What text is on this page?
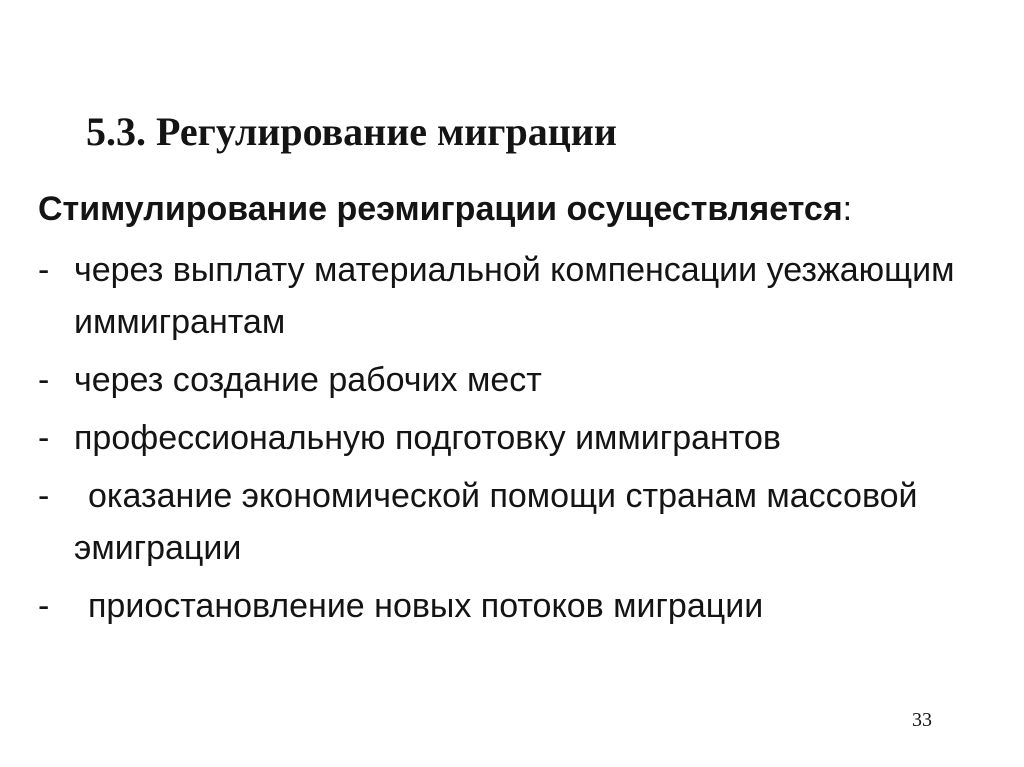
5.3. Регулирование миграции
Стимулирование реэмиграции осуществляется:
- через выплату материальной компенсации уезжающим
иммигрантам
- через создание рабочих мест
- профессиональную подготовку иммигрантов
-	оказание экономической помощи странам массовой
эмиграции
-	приостановление новых потоков миграции
33
